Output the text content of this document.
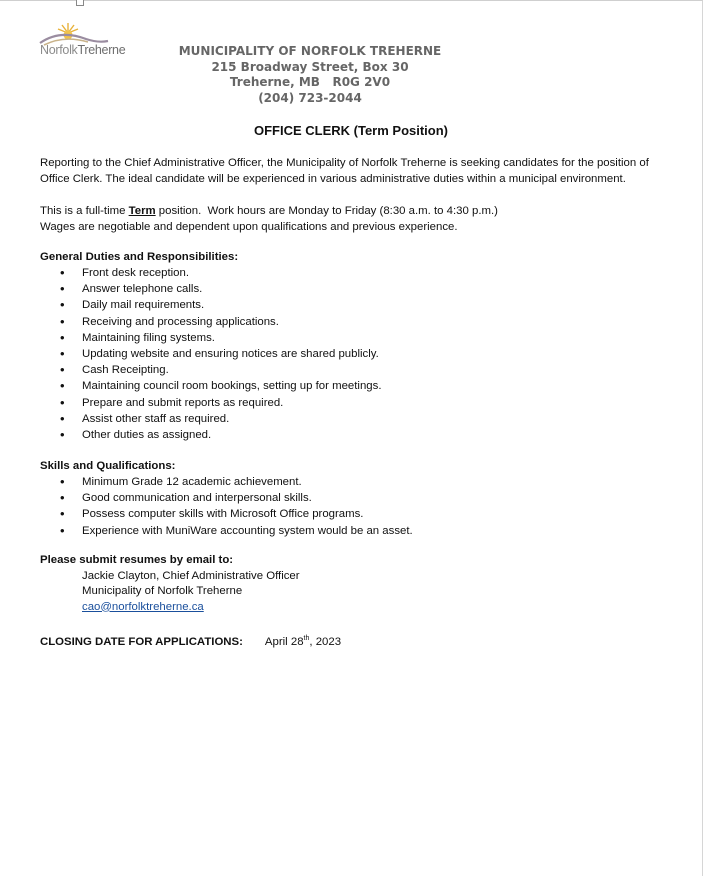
NorfolkTreherne	MUNICIPALITY OF NORFOLK TREHERNE
215 Broadway Street, Box 30
Treherne, MB   R0G 2V0
(204) 723-2044
OFFICE CLERK (Term Position)
Reporting to the Chief Administrative Officer, the Municipality of Norfolk Treherne is seeking candidates for the position of Office Clerk. The ideal candidate will be experienced in various administrative duties within a municipal environment.
This is a full-time Term position.  Work hours are Monday to Friday (8:30 a.m. to 4:30 p.m.)
Wages are negotiable and dependent upon qualifications and previous experience.
General Duties and Responsibilities:
• Front desk reception.
• Answer telephone calls.
• Daily mail requirements.
• Receiving and processing applications.
• Maintaining filing systems.
• Updating website and ensuring notices are shared publicly.
• Cash Receipting.
• Maintaining council room bookings, setting up for meetings.
• Prepare and submit reports as required.
• Assist other staff as required.
• Other duties as assigned.
Skills and Qualifications:
• Minimum Grade 12 academic achievement.
• Good communication and interpersonal skills.
• Possess computer skills with Microsoft Office programs.
• Experience with MuniWare accounting system would be an asset.
Please submit resumes by email to:
Jackie Clayton, Chief Administrative Officer
Municipality of Norfolk Treherne
cao@norfolktreherne.ca
CLOSING DATE FOR APPLICATIONS: April 28th, 2023
